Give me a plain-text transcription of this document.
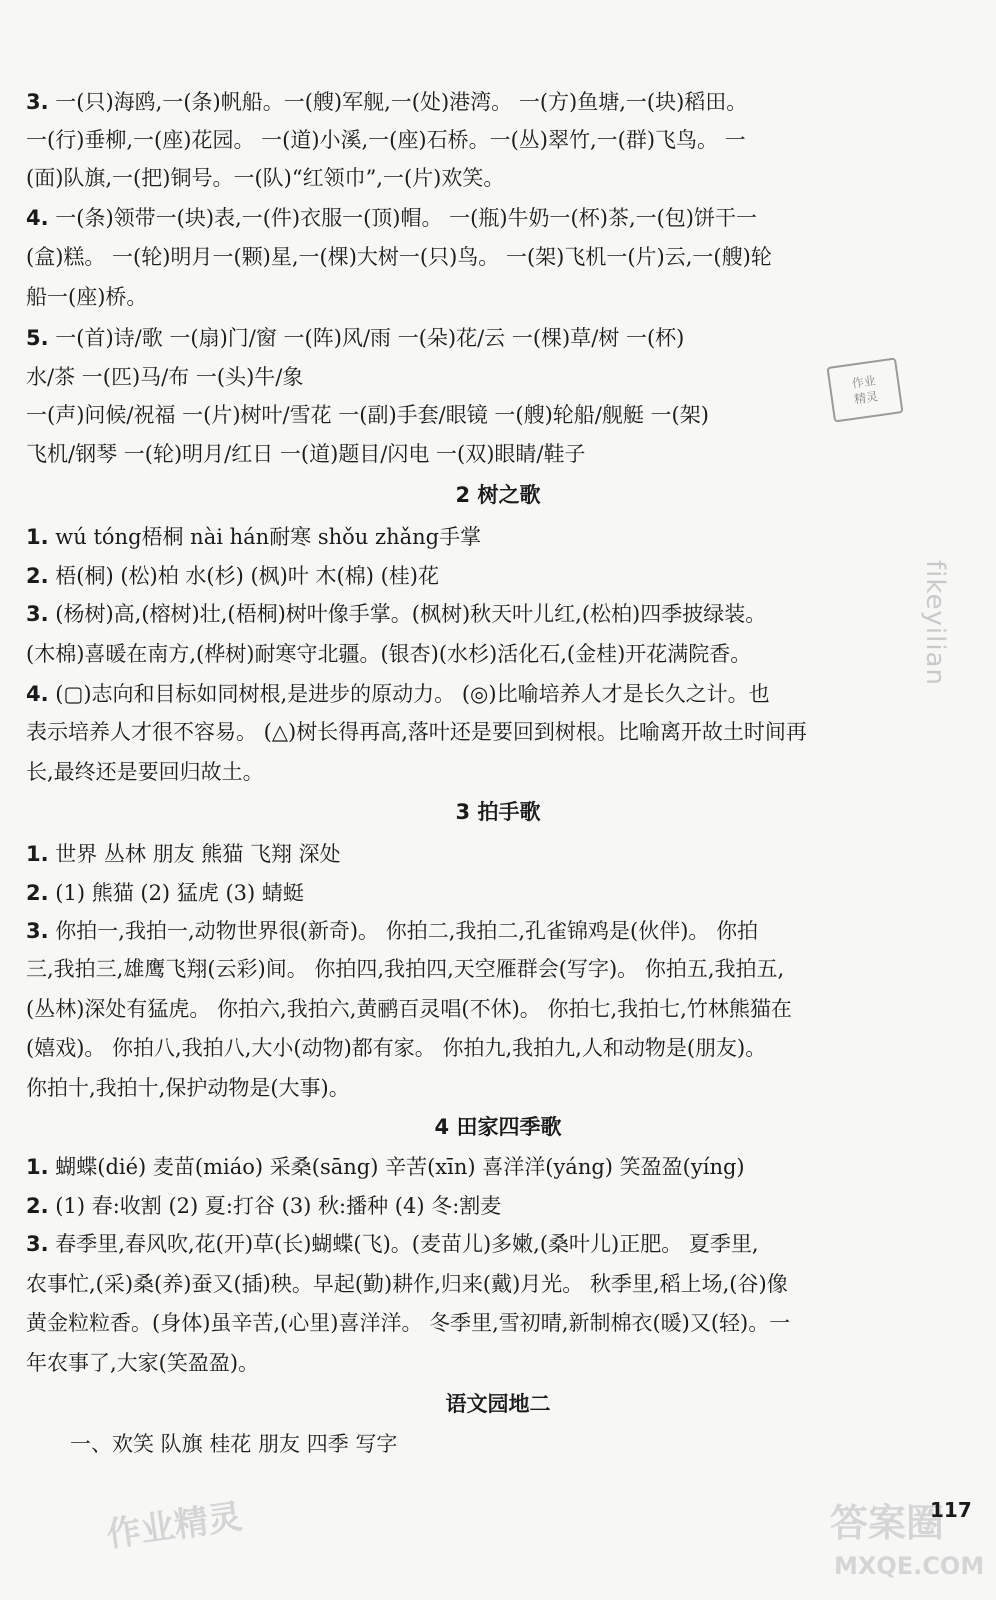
3. 一(只)海鸥,一(条)帆船。一(艘)军舰,一(处)港湾。 一(方)鱼塘,一(块)稻田。
一(行)垂柳,一(座)花园。 一(道)小溪,一(座)石桥。一(丛)翠竹,一(群)飞鸟。 一
(面)队旗,一(把)铜号。一(队)“红领巾”,一(片)欢笑。
4. 一(条)领带一(块)表,一(件)衣服一(顶)帽。 一(瓶)牛奶一(杯)茶,一(包)饼干一
(盒)糕。 一(轮)明月一(颗)星,一(棵)大树一(只)鸟。 一(架)飞机一(片)云,一(艘)轮
船一(座)桥。
5. 一(首)诗/歌 一(扇)门/窗 一(阵)风/雨 一(朵)花/云 一(棵)草/树 一(杯)
水/茶 一(匹)马/布 一(头)牛/象
一(声)问候/祝福 一(片)树叶/雪花 一(副)手套/眼镜 一(艘)轮船/舰艇 一(架)
飞机/钢琴 一(轮)明月/红日 一(道)题目/闪电 一(双)眼睛/鞋子
作业
精灵
2 树之歌
1. wú tóng梧桐 nài hán耐寒 shǒu zhǎng手掌
2. 梧(桐) (松)柏 水(杉) (枫)叶 木(棉) (桂)花
3. (杨树)高,(榕树)壮,(梧桐)树叶像手掌。(枫树)秋天叶儿红,(松柏)四季披绿装。
(木棉)喜暖在南方,(桦树)耐寒守北疆。(银杏)(水杉)活化石,(金桂)开花满院香。
4. (▢)志向和目标如同树根,是进步的原动力。 (◎)比喻培养人才是长久之计。也
表示培养人才很不容易。 (△)树长得再高,落叶还是要回到树根。比喻离开故土时间再
长,最终还是要回归故土。
fikeyilian
3 拍手歌
1. 世界 丛林 朋友 熊猫 飞翔 深处
2. (1) 熊猫 (2) 猛虎 (3) 蜻蜓
3. 你拍一,我拍一,动物世界很(新奇)。 你拍二,我拍二,孔雀锦鸡是(伙伴)。 你拍
三,我拍三,雄鹰飞翔(云彩)间。 你拍四,我拍四,天空雁群会(写字)。 你拍五,我拍五,
(丛林)深处有猛虎。 你拍六,我拍六,黄鹂百灵唱(不休)。 你拍七,我拍七,竹林熊猫在
(嬉戏)。 你拍八,我拍八,大小(动物)都有家。 你拍九,我拍九,人和动物是(朋友)。
你拍十,我拍十,保护动物是(大事)。
4 田家四季歌
1. 蝴蝶(dié) 麦苗(miáo) 采桑(sāng) 辛苦(xīn) 喜洋洋(yáng) 笑盈盈(yíng)
2. (1) 春:收割 (2) 夏:打谷 (3) 秋:播种 (4) 冬:割麦
3. 春季里,春风吹,花(开)草(长)蝴蝶(飞)。(麦苗儿)多嫩,(桑叶儿)正肥。 夏季里,
农事忙,(采)桑(养)蚕又(插)秧。早起(勤)耕作,归来(戴)月光。 秋季里,稻上场,(谷)像
黄金粒粒香。(身体)虽辛苦,(心里)喜洋洋。 冬季里,雪初晴,新制棉衣(暖)又(轻)。一
年农事了,大家(笑盈盈)。
语文园地二
一、欢笑 队旗 桂花 朋友 四季 写字
作业精灵	答案圈
MXQE.COM
117
